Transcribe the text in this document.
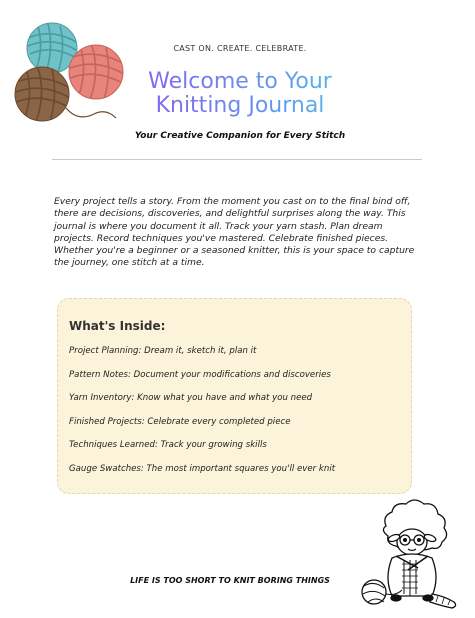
CAST ON. CREATE. CELEBRATE.
Welcome to Your
Knitting Journal
Your Creative Companion for Every Stitch
Every project tells a story. From the moment you cast on to the final bind off, there are decisions, discoveries, and delightful surprises along the way. This journal is where you document it all. Track your yarn stash. Plan dream projects. Record techniques you've mastered. Celebrate finished pieces. Whether you're a beginner or a seasoned knitter, this is your space to capture the journey, one stitch at a time.
What's Inside:
Project Planning: Dream it, sketch it, plan it
Pattern Notes: Document your modifications and discoveries
Yarn Inventory: Know what you have and what you need
Finished Projects: Celebrate every completed piece
Techniques Learned: Track your growing skills
Gauge Swatches: The most important squares you'll ever knit
LIFE IS TOO SHORT TO KNIT BORING THINGS
